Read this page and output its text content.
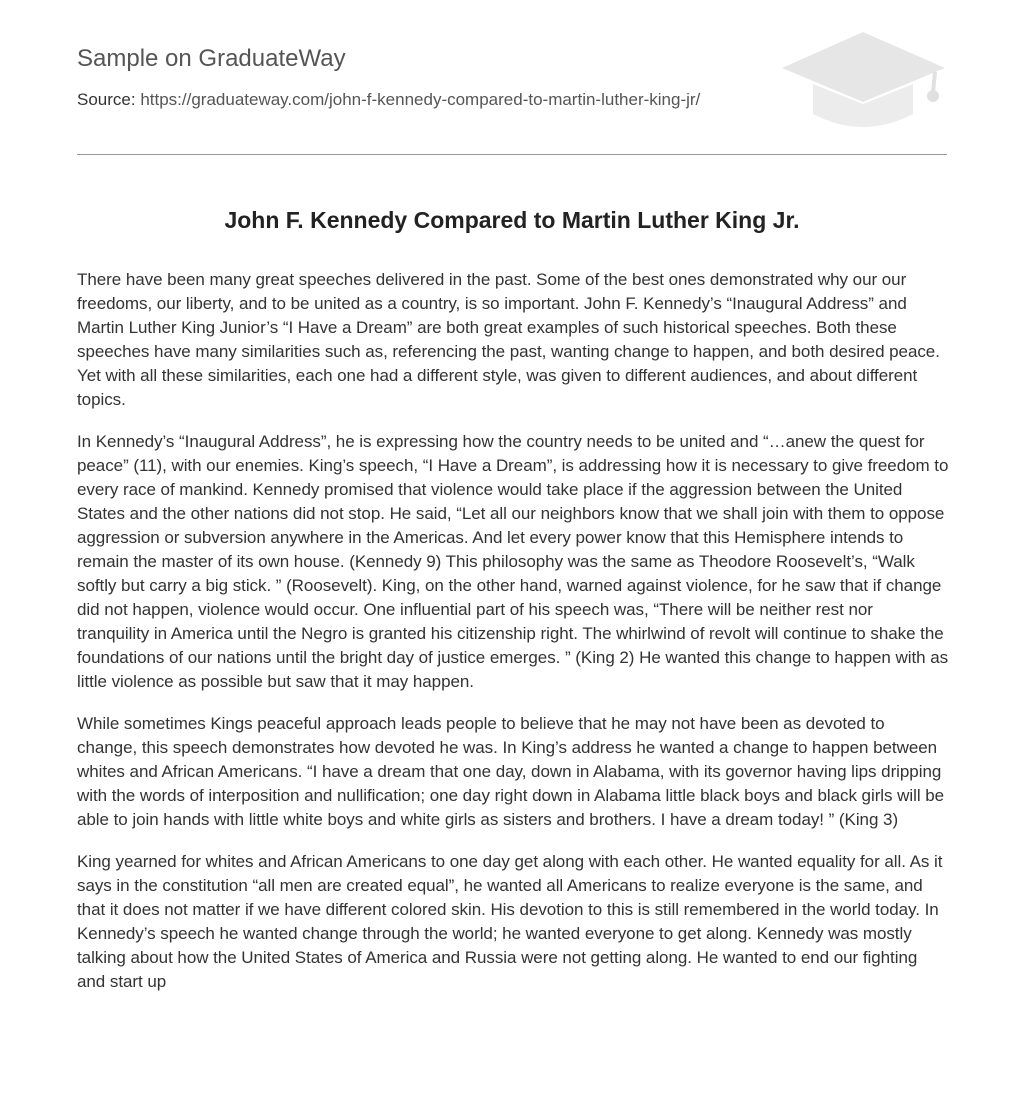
Sample on GraduateWay
Source: https://graduateway.com/john-f-kennedy-compared-to-martin-luther-king-jr/
John F. Kennedy Compared to Martin Luther King Jr.

There have been many great speeches delivered in the past. Some of the best ones demonstrated why our our freedoms, our liberty, and to be united as a country, is so important. John F. Kennedy’s “Inaugural Address” and Martin Luther King Junior’s “I Have a Dream” are both great examples of such historical speeches. Both these speeches have many similarities such as, referencing the past, wanting change to happen, and both desired peace. Yet with all these similarities, each one had a different style, was given to different audiences, and about different topics.

In Kennedy’s “Inaugural Address”, he is expressing how the country needs to be united and “…anew the quest for peace” (11), with our enemies. King’s speech, “I Have a Dream”, is addressing how it is necessary to give freedom to every race of mankind. Kennedy promised that violence would take place if the aggression between the United States and the other nations did not stop. He said, “Let all our neighbors know that we shall join with them to oppose aggression or subversion anywhere in the Americas. And let every power know that this Hemisphere intends to remain the master of its own house. (Kennedy 9) This philosophy was the same as Theodore Roosevelt’s, “Walk softly but carry a big stick. ” (Roosevelt). King, on the other hand, warned against violence, for he saw that if change did not happen, violence would occur. One influential part of his speech was, “There will be neither rest nor tranquility in America until the Negro is granted his citizenship right. The whirlwind of revolt will continue to shake the foundations of our nations until the bright day of justice emerges. ” (King 2) He wanted this change to happen with as little violence as possible but saw that it may happen.

While sometimes Kings peaceful approach leads people to believe that he may not have been as devoted to change, this speech demonstrates how devoted he was. In King’s address he wanted a change to happen between whites and African Americans. “I have a dream that one day, down in Alabama, with its governor having lips dripping with the words of interposition and nullification; one day right down in Alabama little black boys and black girls will be able to join hands with little white boys and white girls as sisters and brothers. I have a dream today! ” (King 3)

King yearned for whites and African Americans to one day get along with each other. He wanted equality for all. As it says in the constitution “all men are created equal”, he wanted all Americans to realize everyone is the same, and that it does not matter if we have different colored skin. His devotion to this is still remembered in the world today. In Kennedy’s speech he wanted change through the world; he wanted everyone to get along. Kennedy was mostly talking about how the United States of America and Russia were not getting along. He wanted to end our fighting and start up
